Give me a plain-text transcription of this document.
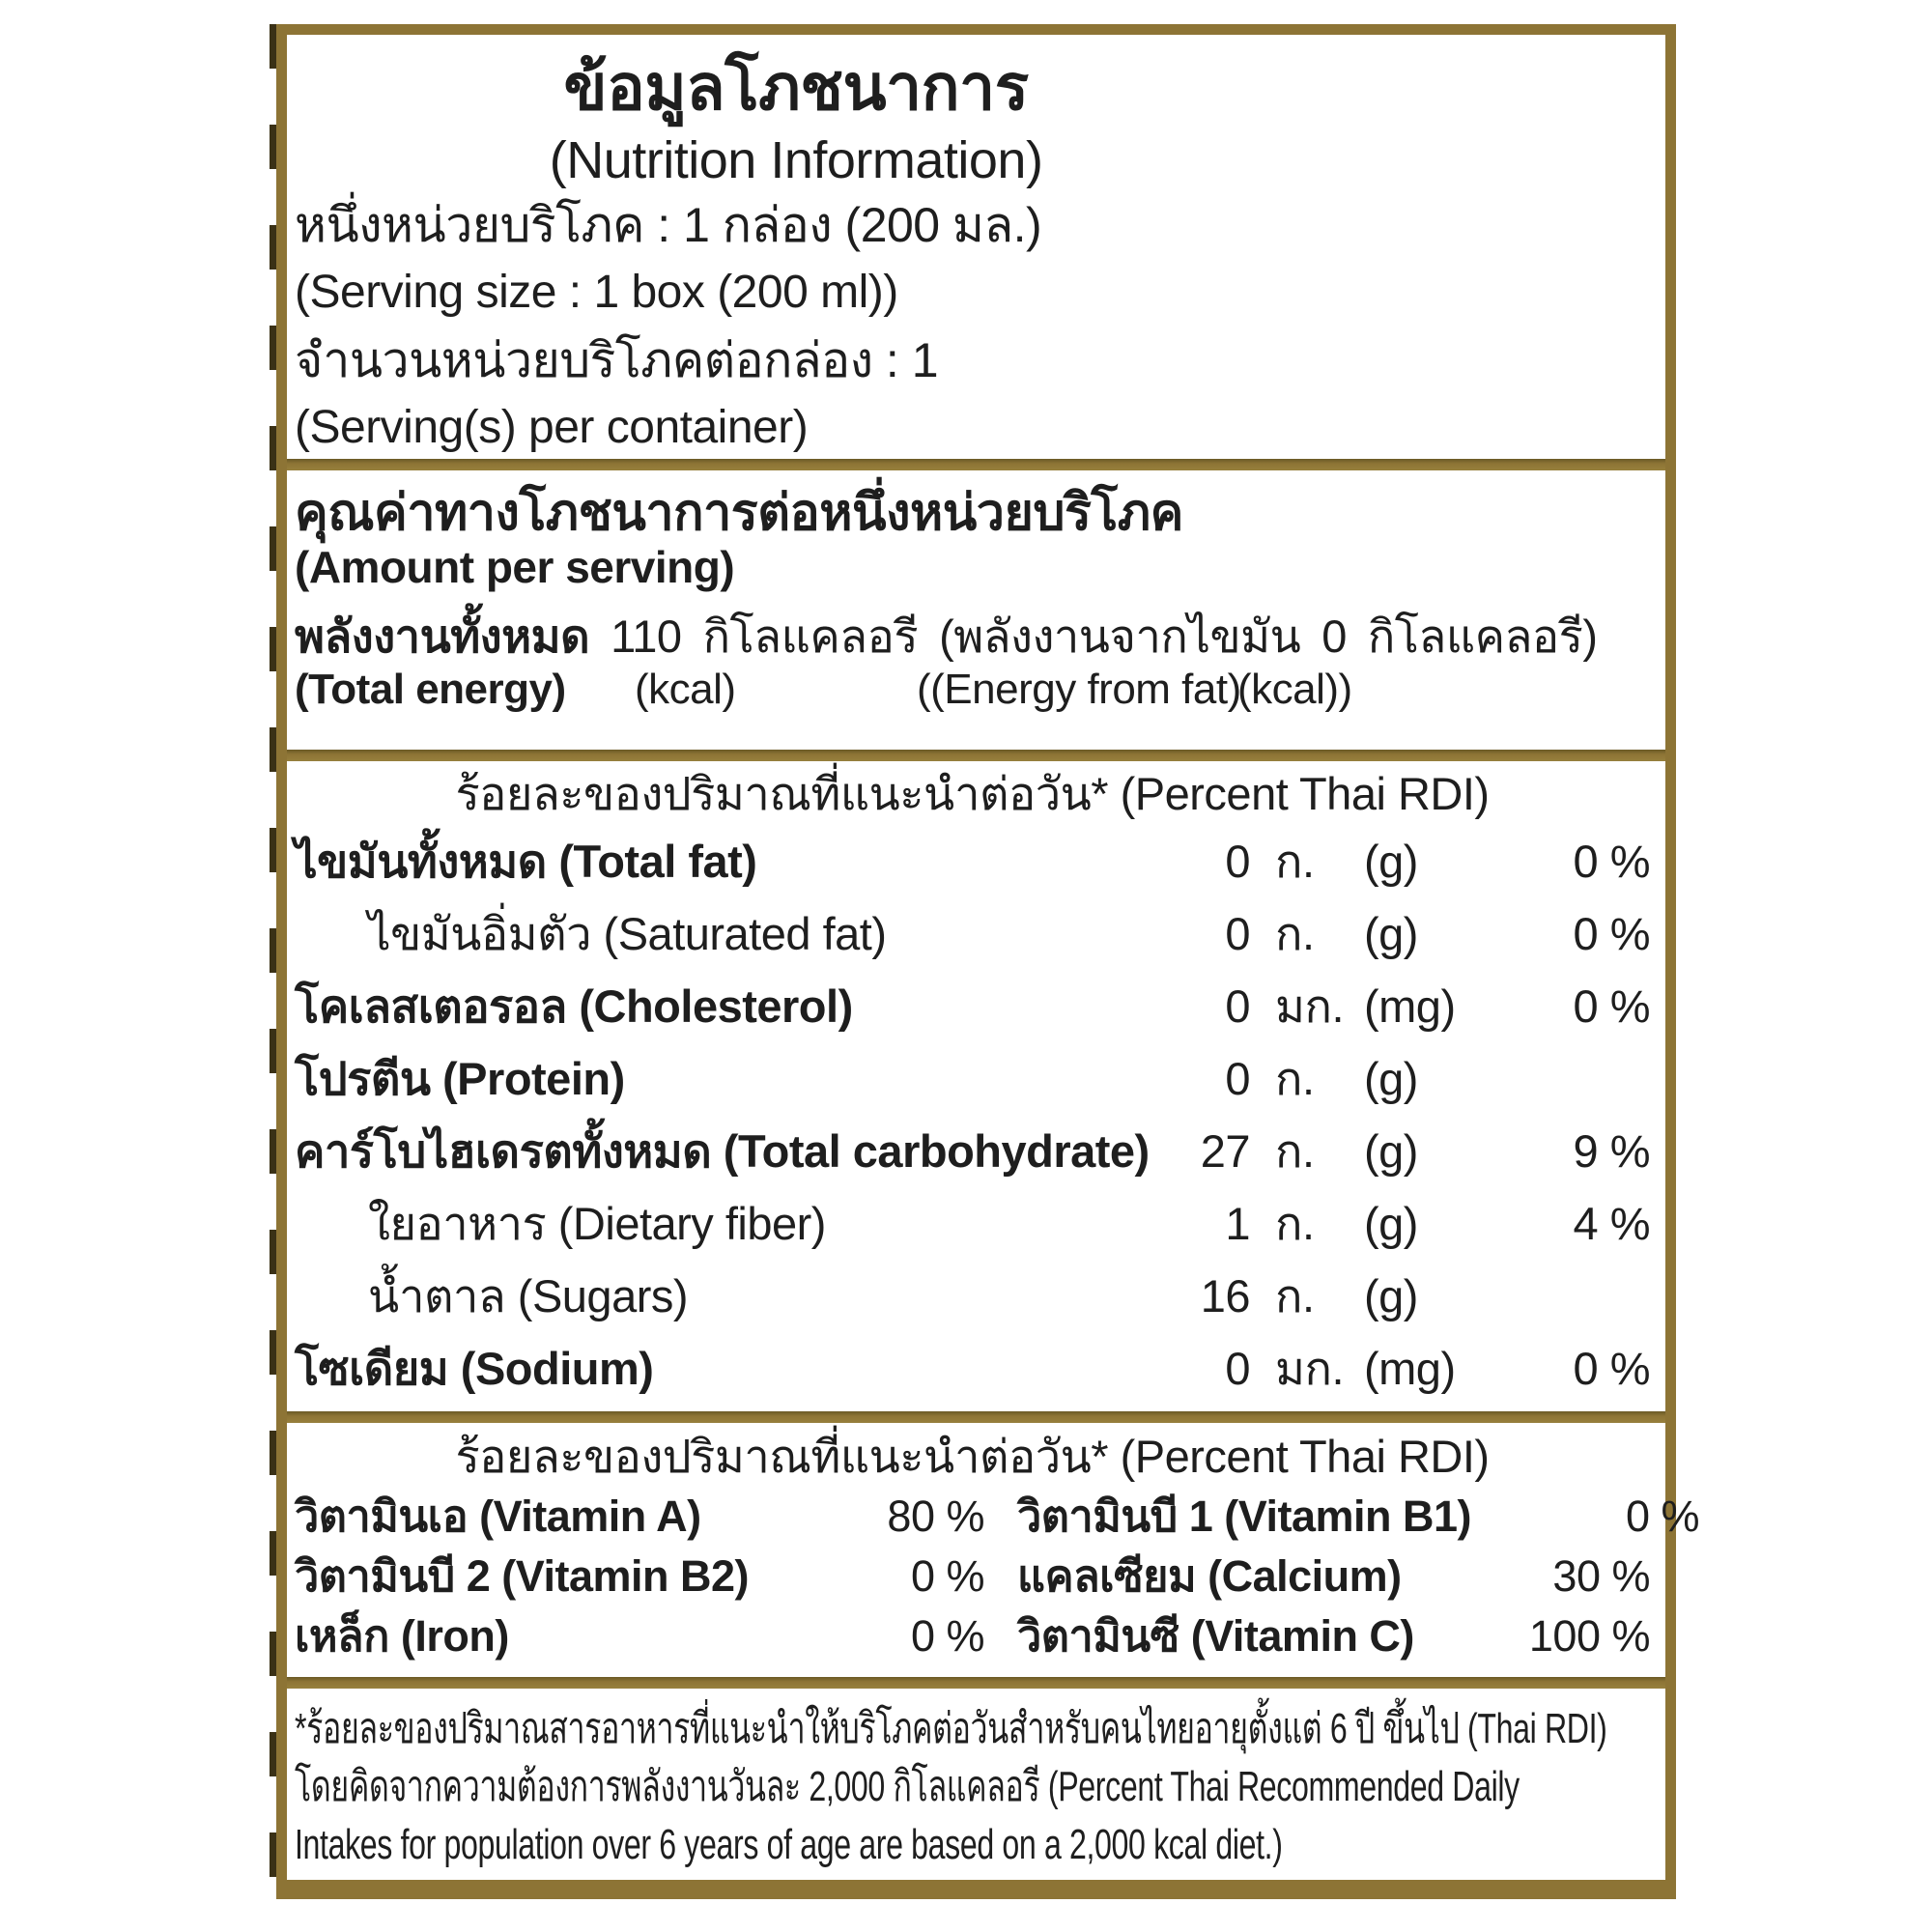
ข้อมูลโภชนาการ
(Nutrition Information)
หนึ่งหน่วยบริโภค : 1 กล่อง (200 มล.)
(Serving size : 1 box (200 ml))
จำนวนหน่วยบริโภคต่อกล่อง : 1
(Serving(s) per container)
คุณค่าทางโภชนาการต่อหนึ่งหน่วยบริโภค
(Amount per serving)
พลังงานทั้งหมด 110 กิโลแคลอรี (พลังงานจากไขมัน 0 กิโลแคลอรี)
(Total energy)	(kcal)	((Energy from fat)
(kcal))
ร้อยละของปริมาณที่แนะนำต่อวัน* (Percent Thai RDI)
ไขมันทั้งหมด (Total fat)	0 ก.	(g)	0 %
ไขมันอิ่มตัว (Saturated fat)	0 ก.	(g)	0 %
โคเลสเตอรอล (Cholesterol)	0 มก. (mg)	0 %
โปรตีน (Protein)	0 ก.	(g)
คาร์โบไฮเดรตทั้งหมด (Total carbohydrate)	27 ก.	(g)	9 %
ใยอาหาร (Dietary fiber)	1 ก.	(g)	4 %
น้ำตาล (Sugars)	16 ก.	(g)
โซเดียม (Sodium)	0 มก. (mg)	0 %
ร้อยละของปริมาณที่แนะนำต่อวัน* (Percent Thai RDI)
วิตามินเอ (Vitamin A)	80 % วิตามินบี 1 (Vitamin B1)	0 %
วิตามินบี 2 (Vitamin B2)	0 % แคลเซียม (Calcium)	30 %
เหล็ก (Iron)	0 % วิตามินซี (Vitamin C)	100 %
*ร้อยละของปริมาณสารอาหารที่แนะนำให้บริโภคต่อวันสำหรับคนไทยอายุตั้งแต่ 6 ปี ขึ้นไป (Thai RDI)
โดยคิดจากความต้องการพลังงานวันละ 2,000 กิโลแคลอรี (Percent Thai Recommended Daily
Intakes for population over 6 years of age are based on a 2,000 kcal diet.)
